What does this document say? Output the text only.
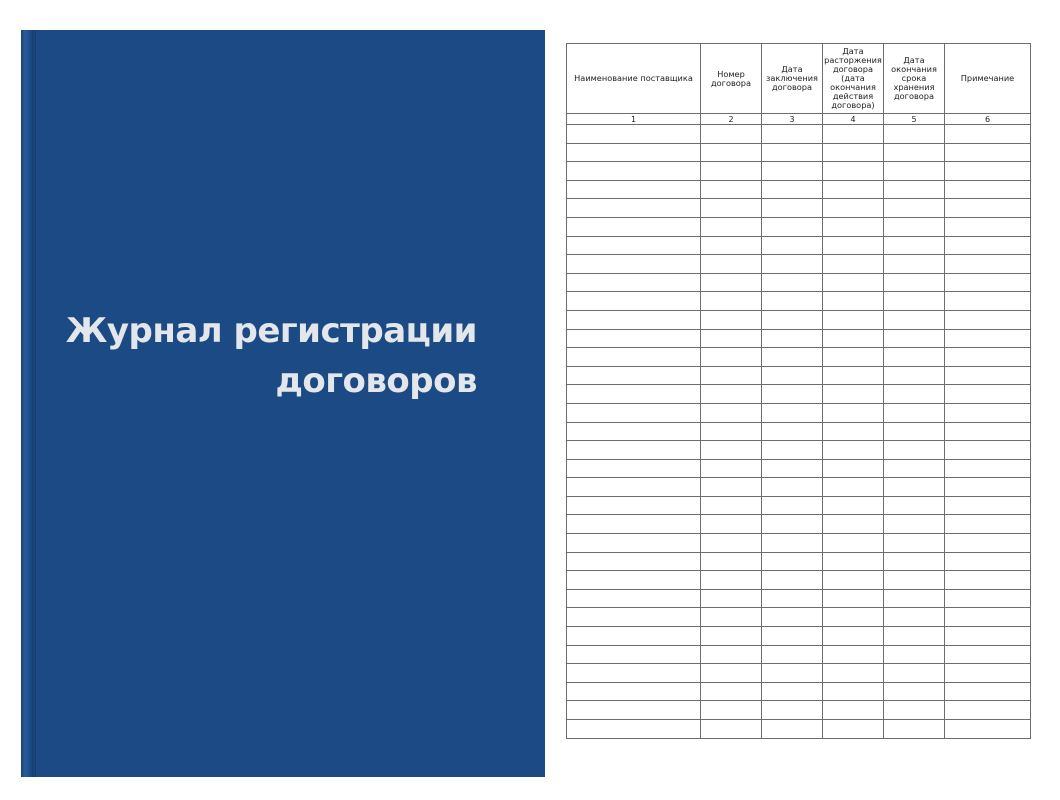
Журнал регистрации
договоров
Наименование поставщика	Номер договора	Дата заключения договора	Дата расторжения договора (дата окончания действия договора)	Дата окончания срока хранения договора	Примечание
1	2	3	4	5	6
